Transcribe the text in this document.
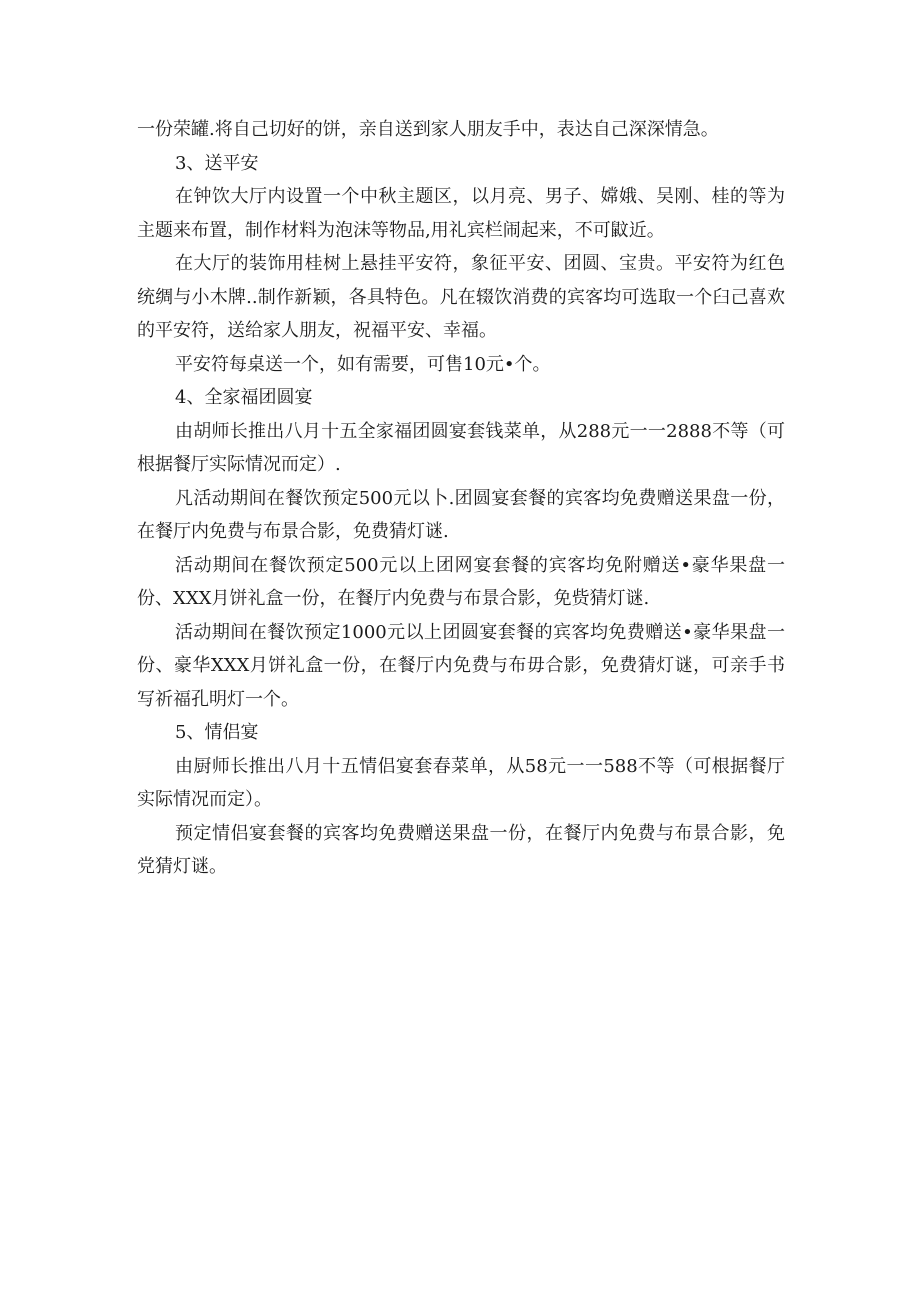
一份荣罐.将自己切好的饼，亲自送到家人朋友手中，表达自己深深情急。

3、送平安

在钟饮大厅内设置一个中秋主题区，以月亮、男子、嫦娥、吴刚、桂的等为主题来布置，制作材料为泡沫等物品,用礼宾栏闹起来，不可鼤近。

在大厅的装饰用桂树上悬挂平安符，象征平安、团圆、宝贵。平安符为红色统绸与小木牌..制作新颖，各具特色。凡在辍饮消费的宾客均可选取一个臼己喜欢的平安符，送给家人朋友，祝福平安、幸福。

平安符每桌送一个，如有需要，可售10元•个。

4、全家福团圆宴

由胡师长推出八月十五全家福团圆宴套钱菜单，从288元一一2888不等（可根据餐厅实际情况而定）.

凡活动期间在餐饮预定500元以卜.团圆宴套餐的宾客均免费赠送果盘一份，在餐厅内免费与布景合影，免费猜灯谜.

活动期间在餐饮预定500元以上团网宴套餐的宾客均免附赠送•豪华果盘一份、XXX月饼礼盒一份，在餐厅内免费与布景合影，免赀猜灯谜.

活动期间在餐饮预定1000元以上团圆宴套餐的宾客均免费赠送•豪华果盘一份、豪华XXX月饼礼盒一份，在餐厅内免费与布毋合影，免费猜灯谜，可亲手书写祈福孔明灯一个。

5、情侣宴

由厨师长推出八月十五情侣宴套春菜单，从58元一一588不等（可根据餐厅实际情况而定）。

预定情侣宴套餐的宾客均免费赠送果盘一份，在餐厅内免费与布景合影，免党猜灯谜。
